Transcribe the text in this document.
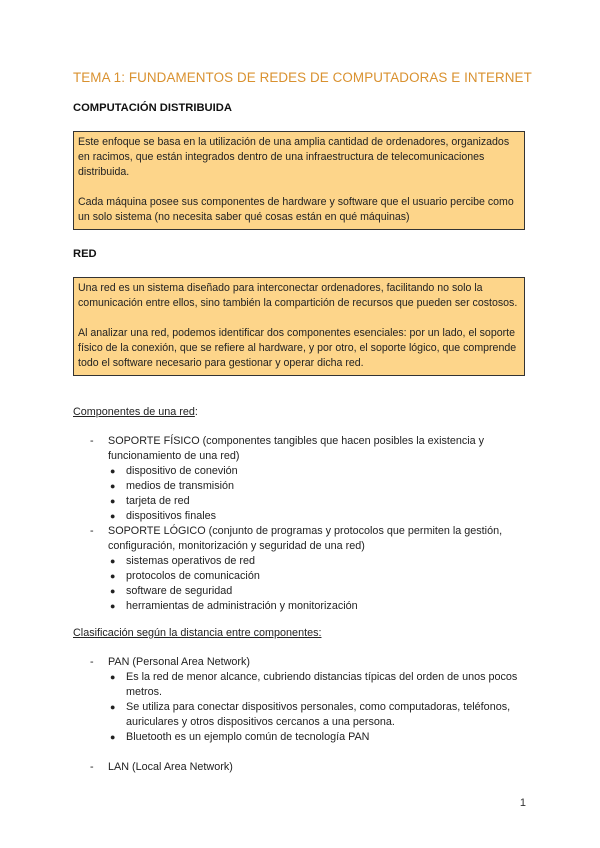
TEMA 1: FUNDAMENTOS DE REDES DE COMPUTADORAS E INTERNET
COMPUTACIÓN DISTRIBUIDA

Este enfoque se basa en la utilización de una amplia cantidad de ordenadores, organizados en racimos, que están integrados dentro de una infraestructura de telecomunicaciones distribuida.

Cada máquina posee sus componentes de hardware y software que el usuario percibe como un solo sistema (no necesita saber qué cosas están en qué máquinas)

RED

Una red es un sistema diseñado para interconectar ordenadores, facilitando no solo la comunicación entre ellos, sino también la compartición de recursos que pueden ser costosos.

Al analizar una red, podemos identificar dos componentes esenciales: por un lado, el soporte físico de la conexión, que se refiere al hardware, y por otro, el soporte lógico, que comprende todo el software necesario para gestionar y operar dicha red.

Componentes de una red:
- SOPORTE FÍSICO (componentes tangibles que hacen posibles la existencia y funcionamiento de una red)
● dispositivo de conevión
● medios de transmisión
● tarjeta de red
● dispositivos finales
- SOPORTE LÓGICO (conjunto de programas y protocolos que permiten la gestión, configuración, monitorización y seguridad de una red)
● sistemas operativos de red
● protocolos de comunicación
● software de seguridad
● herramientas de administración y monitorización
Clasificación según la distancia entre componentes:
- PAN (Personal Area Network)
● Es la red de menor alcance, cubriendo distancias típicas del orden de unos pocos metros.
● Se utiliza para conectar dispositivos personales, como computadoras, teléfonos, auriculares y otros dispositivos cercanos a una persona.
● Bluetooth es un ejemplo común de tecnología PAN
- LAN (Local Area Network)
1
